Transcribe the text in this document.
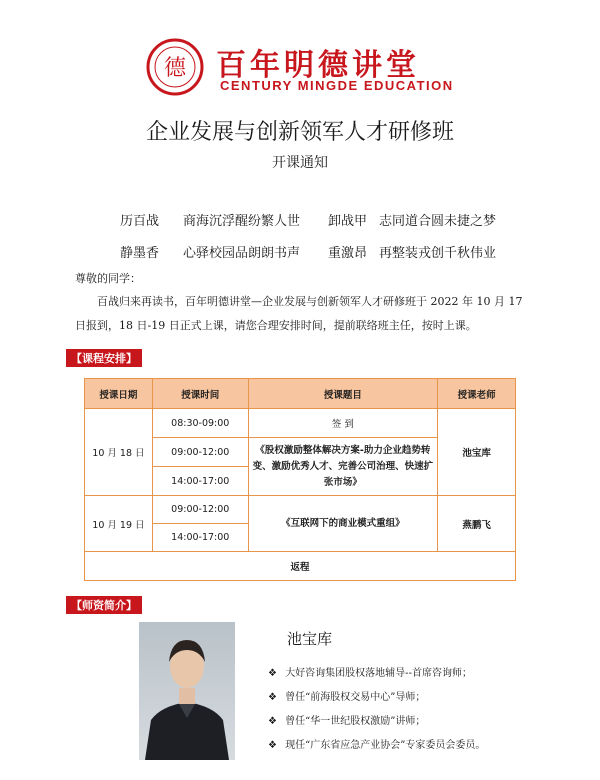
德 百年明德讲堂
CENTURY MINGDE EDUCATION
企业发展与创新领军人才研修班
开课通知
历百战 商海沉浮醒纷繁人世 卸战甲 志同道合圆未捷之梦
静墨香 心驿校园品朗朗书声 重激昂 再整装戎创千秋伟业
尊敬的同学：
百战归来再读书，百年明德讲堂—企业发展与创新领军人才研修班于 2022 年 10 月 17 日报到，18 日-19 日正式上课，请您合理安排时间，提前联络班主任，按时上课。
【课程安排】
授课日期	授课时间	授课题目	授课老师
10 月 18 日	08:30-09:00	签 到	池宝库
	09:00-12:00	《股权激励整体解决方案-助力企业趋势转变、激励优秀人才、完善公司治理、快速扩张市场》	
	14:00-17:00		
10 月 19 日	09:00-12:00	《互联网下的商业模式重组》	燕鹏飞
	14:00-17:00		
返程			
【师资简介】
池宝库
❖ 大好咨询集团股权落地辅导--首席咨询师；
❖ 曾任“前海股权交易中心”导师；
❖ 曾任“华一世纪股权激励”讲师；
❖ 现任“广东省应急产业协会”专家委员会委员。
